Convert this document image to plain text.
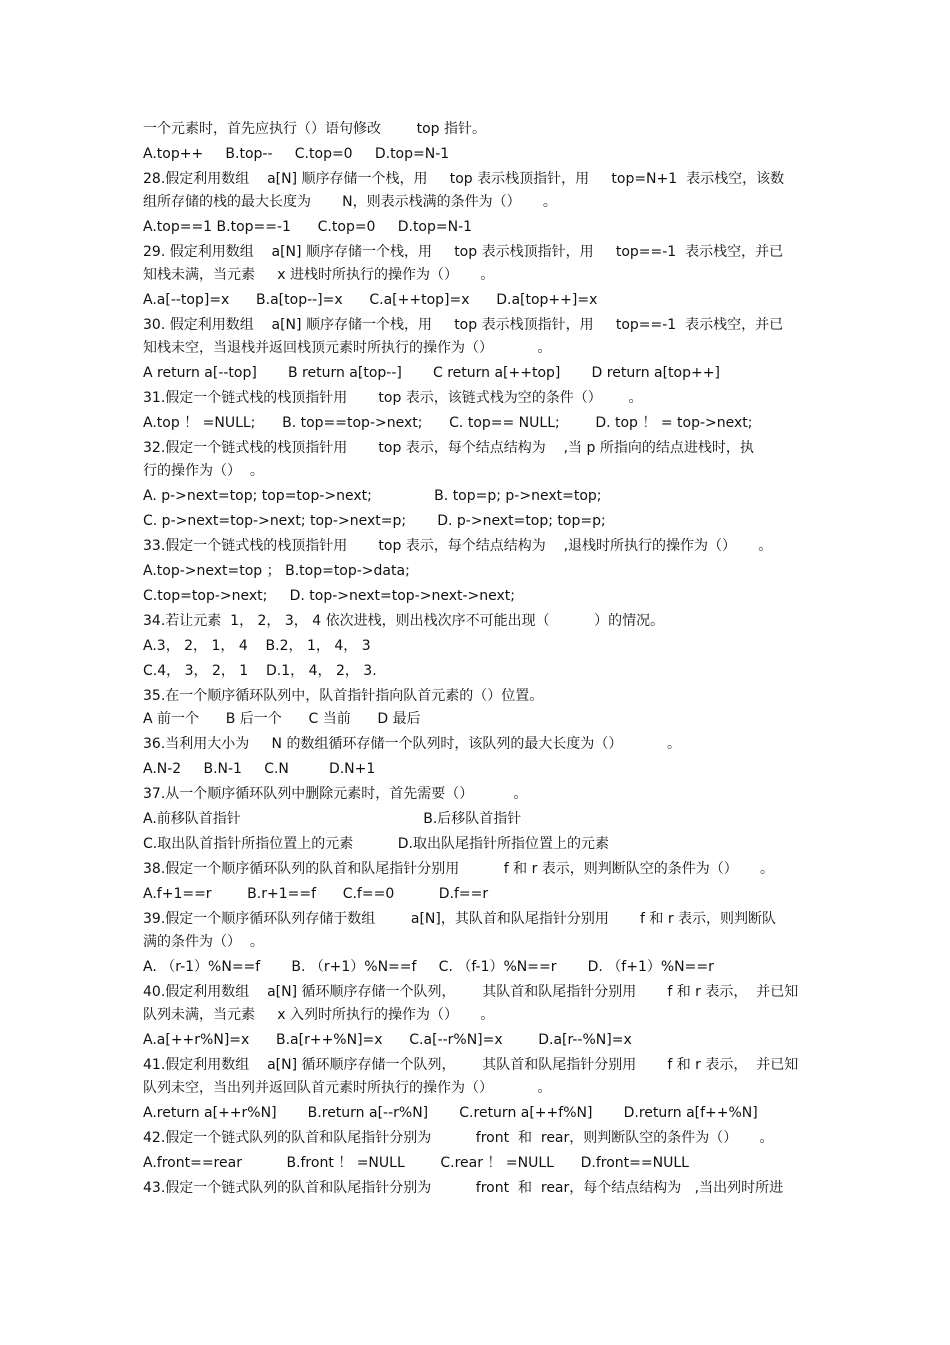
一个元素时，首先应执行（）语句修改        top 指针。
A.top++     B.top--     C.top=0     D.top=N-1
28.假定利用数组    a[N] 顺序存储一个栈，用     top 表示栈顶指针，用     top=N+1  表示栈空，该数
组所存储的栈的最大长度为       N，则表示栈满的条件为（）     。
A.top==1 B.top==-1      C.top=0     D.top=N-1
29. 假定利用数组    a[N] 顺序存储一个栈，用     top 表示栈顶指针，用     top==-1  表示栈空，并已
知栈未满，当元素     x 进栈时所执行的操作为（）     。
A.a[--top]=x      B.a[top--]=x      C.a[++top]=x      D.a[top++]=x
30. 假定利用数组    a[N] 顺序存储一个栈，用     top 表示栈顶指针，用     top==-1  表示栈空，并已
知栈未空，当退栈并返回栈顶元素时所执行的操作为（）          。
A return a[--top]       B return a[top--]       C return a[++top]       D return a[top++]
31.假定一个链式栈的栈顶指针用       top 表示，该链式栈为空的条件（）      。
A.top ！ =NULL;      B. top==top->next;      C. top== NULL;        D. top ！ = top->next;
32.假定一个链式栈的栈顶指针用       top 表示，每个结点结构为    ,当 p 所指向的结点进栈时，执
行的操作为（）  。
A. p->next=top; top=top->next;              B. top=p; p->next=top;
C. p->next=top->next; top->next=p;       D. p->next=top; top=p;
33.假定一个链式栈的栈顶指针用       top 表示，每个结点结构为    ,退栈时所执行的操作为（）     。
A.top->next=top ； B.top=top->data;
C.top=top->next;     D. top->next=top->next->next;
34.若让元素  1， 2， 3， 4 依次进栈，则出栈次序不可能出现（          ）的情况。
A.3， 2， 1， 4    B.2， 1， 4， 3
C.4， 3， 2， 1    D.1， 4， 2， 3.
35.在一个顺序循环队列中，队首指针指向队首元素的（）位置。
A 前一个      B 后一个      C 当前      D 最后
36.当利用大小为     N 的数组循环存储一个队列时，该队列的最大长度为（）          。
A.N-2     B.N-1     C.N         D.N+1
37.从一个顺序循环队列中删除元素时，首先需要（）         。
A.前移队首指针                                         B.后移队首指针
C.取出队首指针所指位置上的元素          D.取出队尾指针所指位置上的元素
38.假定一个顺序循环队列的队首和队尾指针分别用          f 和 r 表示，则判断队空的条件为（）     。
A.f+1==r        B.r+1==f      C.f==0          D.f==r
39.假定一个顺序循环队列存储于数组        a[N]，其队首和队尾指针分别用       f 和 r 表示，则判断队
满的条件为（）  。
A. （r-1）%N==f       B. （r+1）%N==f     C. （f-1）%N==r       D. （f+1）%N==r
40.假定利用数组    a[N] 循环顺序存储一个队列，      其队首和队尾指针分别用       f 和 r 表示，  并已知
队列未满，当元素     x 入列时所执行的操作为（）     。
A.a[++r%N]=x      B.a[r++%N]=x      C.a[--r%N]=x        D.a[r--%N]=x
41.假定利用数组    a[N] 循环顺序存储一个队列，      其队首和队尾指针分别用       f 和 r 表示，  并已知
队列未空，当出列并返回队首元素时所执行的操作为（）          。
A.return a[++r%N]       B.return a[--r%N]       C.return a[++f%N]       D.return a[f++%N]
42.假定一个链式队列的队首和队尾指针分别为          front  和  rear，则判断队空的条件为（）     。
A.front==rear          B.front ！ =NULL        C.rear ！ =NULL      D.front==NULL
43.假定一个链式队列的队首和队尾指针分别为          front  和  rear，每个结点结构为   ,当出列时所进
